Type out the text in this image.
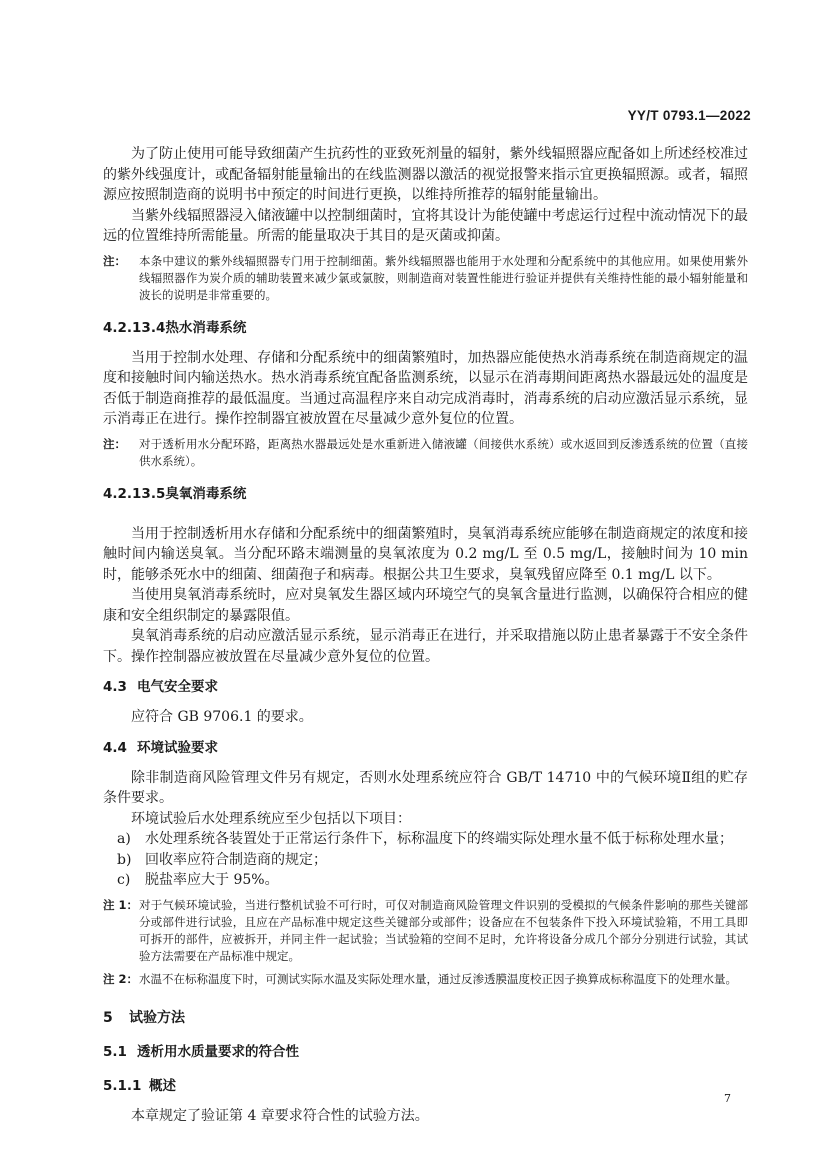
YY/T 0793.1—2022

为了防止使用可能导致细菌产生抗药性的亚致死剂量的辐射，紫外线辐照器应配备如上所述经校准过的紫外线强度计，或配备辐射能量输出的在线监测器以激活的视觉报警来指示宜更换辐照源。或者，辐照源应按照制造商的说明书中预定的时间进行更换，以维持所推荐的辐射能量输出。

当紫外线辐照器浸入储液罐中以控制细菌时，宜将其设计为能使罐中考虑运行过程中流动情况下的最远的位置维持所需能量。所需的能量取决于其目的是灭菌或抑菌。

注：	本条中建议的紫外线辐照器专门用于控制细菌。紫外线辐照器也能用于水处理和分配系统中的其他应用。如果使用紫外线辐照器作为炭介质的辅助装置来减少氯或氯胺，则制造商对装置性能进行验证并提供有关维持性能的最小辐射能量和波长的说明是非常重要的。
4.2.13.4热水消毒系统

当用于控制水处理、存储和分配系统中的细菌繁殖时，加热器应能使热水消毒系统在制造商规定的温度和接触时间内输送热水。热水消毒系统宜配备监测系统，以显示在消毒期间距离热水器最远处的温度是否低于制造商推荐的最低温度。当通过高温程序来自动完成消毒时，消毒系统的启动应激活显示系统，显示消毒正在进行。操作控制器宜被放置在尽量减少意外复位的位置。

注：	对于透析用水分配环路，距离热水器最远处是水重新进入储液罐（间接供水系统）或水返回到反渗透系统的位置（直接供水系统）。
4.2.13.5臭氧消毒系统

当用于控制透析用水存储和分配系统中的细菌繁殖时，臭氧消毒系统应能够在制造商规定的浓度和接触时间内输送臭氧。当分配环路末端测量的臭氧浓度为 0.2 mg/L 至 0.5 mg/L，接触时间为 10 min时，能够杀死水中的细菌、细菌孢子和病毒。根据公共卫生要求，臭氧残留应降至 0.1 mg/L 以下。

当使用臭氧消毒系统时，应对臭氧发生器区域内环境空气的臭氧含量进行监测，以确保符合相应的健康和安全组织制定的暴露限值。

臭氧消毒系统的启动应激活显示系统，显示消毒正在进行，并采取措施以防止患者暴露于不安全条件下。操作控制器应被放置在尽量减少意外复位的位置。

4.3 电气安全要求

应符合 GB 9706.1 的要求。

4.4 环境试验要求

除非制造商风险管理文件另有规定，否则水处理系统应符合 GB/T 14710 中的气候环境Ⅱ组的贮存条件要求。

环境试验后水处理系统应至少包括以下项目：

a)	水处理系统各装置处于正常运行条件下，标称温度下的终端实际处理水量不低于标称处理水量；
b) 回收率应符合制造商的规定；
c)	脱盐率应大于 95%。
注 1： 对于气候环境试验，当进行整机试验不可行时，可仅对制造商风险管理文件识别的受模拟的气候条件影响的那些关键部分或部件进行试验，且应在产品标准中规定这些关键部分或部件；设备应在不包装条件下投入环境试验箱，不用工具即可拆开的部件，应被拆开，并同主件一起试验；当试验箱的空间不足时，允许将设备分成几个部分分别进行试验，其试验方法需要在产品标准中规定。
注 2： 水温不在标称温度下时，可测试实际水温及实际处理水量，通过反渗透膜温度校正因子换算成标称温度下的处理水量。
5 试验方法
5.1 透析用水质量要求的符合性
5.1.1 概述

本章规定了验证第 4 章要求符合性的试验方法。

7
